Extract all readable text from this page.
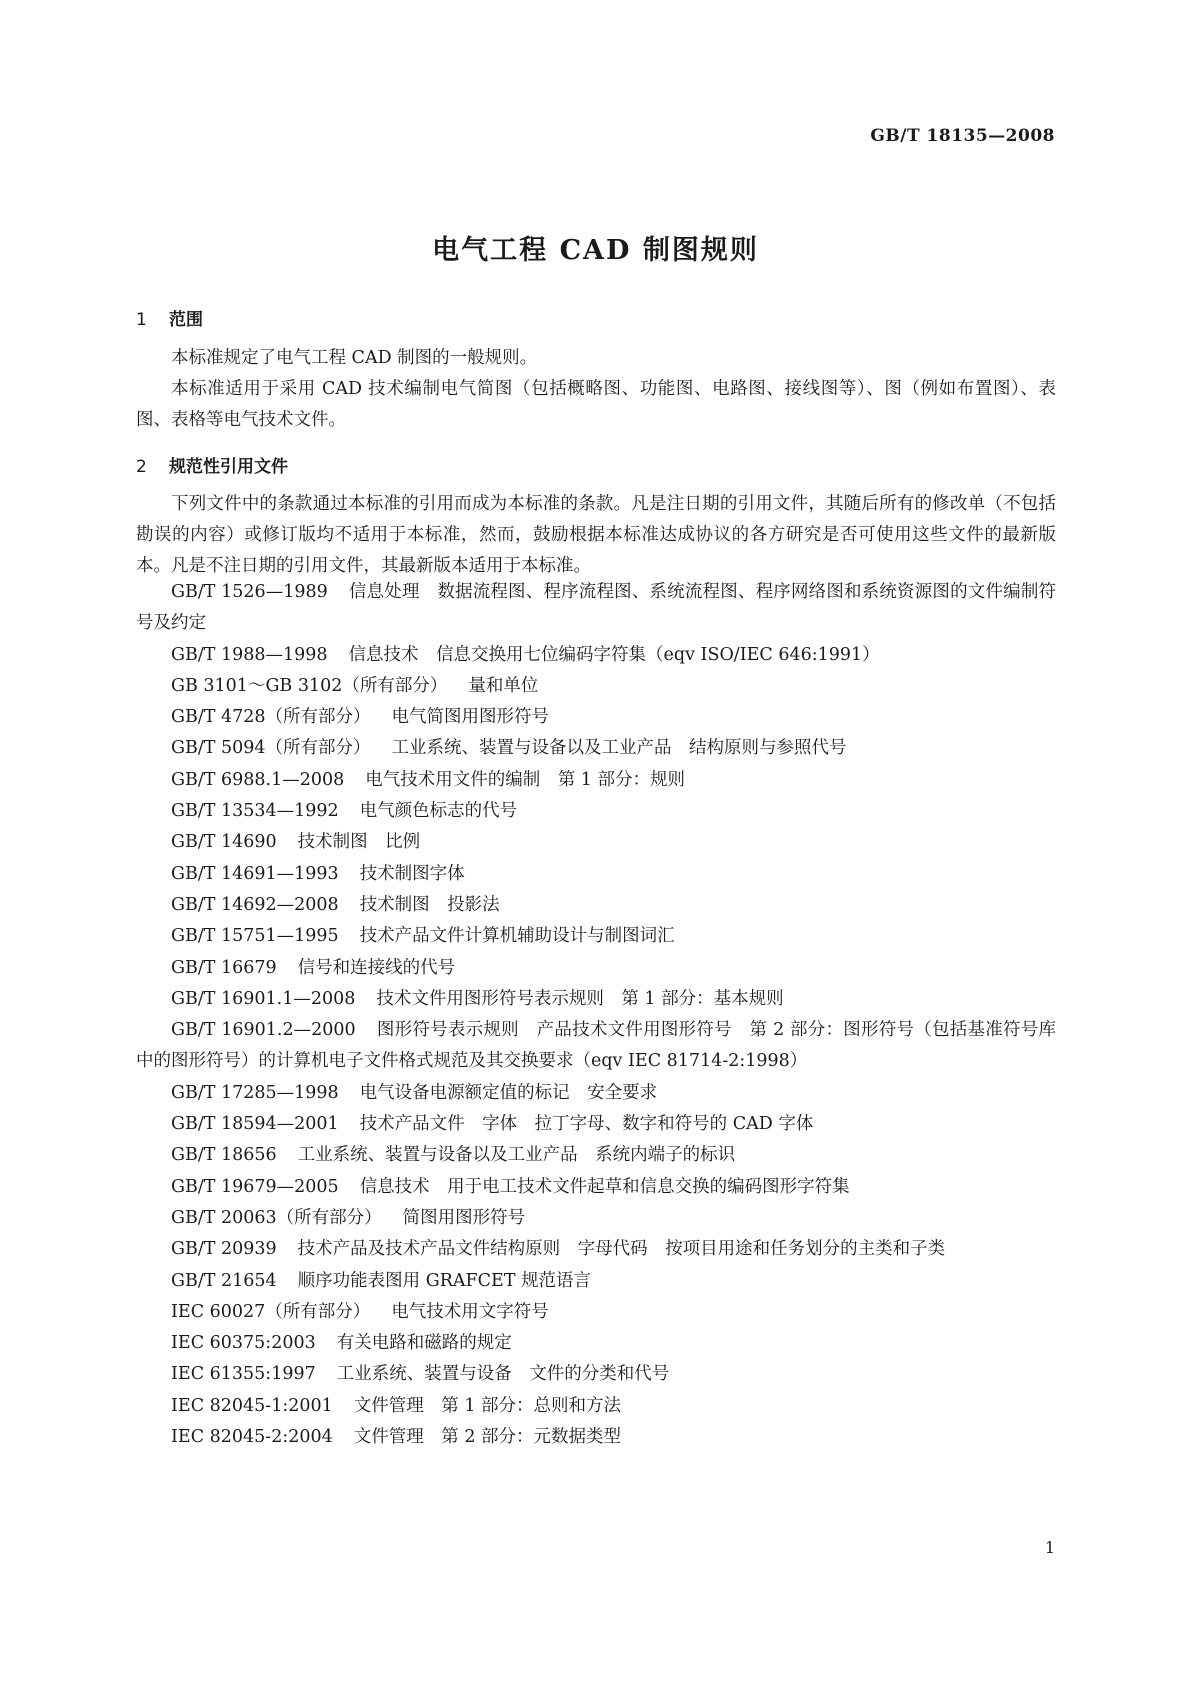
GB/T 18135—2008
电气工程 CAD 制图规则
1 范围

本标准规定了电气工程 CAD 制图的一般规则。

本标准适用于采用 CAD 技术编制电气简图（包括概略图、功能图、电路图、接线图等）、图（例如布置图）、表图、表格等电气技术文件。

2 规范性引用文件

下列文件中的条款通过本标准的引用而成为本标准的条款。凡是注日期的引用文件，其随后所有的修改单（不包括勘误的内容）或修订版均不适用于本标准，然而，鼓励根据本标准达成协议的各方研究是否可使用这些文件的最新版本。凡是不注日期的引用文件，其最新版本适用于本标准。

GB/T 1526—1989 信息处理　数据流程图、程序流程图、系统流程图、程序网络图和系统资源图的文件编制符号及约定

GB/T 1988—1998 信息技术　信息交换用七位编码字符集（eqv ISO/IEC 646:1991）

GB 3101～GB 3102（所有部分） 量和单位

GB/T 4728（所有部分） 电气简图用图形符号

GB/T 5094（所有部分） 工业系统、装置与设备以及工业产品　结构原则与参照代号

GB/T 6988.1—2008 电气技术用文件的编制　第 1 部分：规则

GB/T 13534—1992 电气颜色标志的代号

GB/T 14690 技术制图　比例

GB/T 14691—1993 技术制图字体

GB/T 14692—2008 技术制图　投影法

GB/T 15751—1995 技术产品文件计算机辅助设计与制图词汇

GB/T 16679 信号和连接线的代号

GB/T 16901.1—2008 技术文件用图形符号表示规则　第 1 部分：基本规则

GB/T 16901.2—2000 图形符号表示规则　产品技术文件用图形符号　第 2 部分：图形符号（包括基准符号库中的图形符号）的计算机电子文件格式规范及其交换要求（eqv IEC 81714-2:1998）

GB/T 17285—1998 电气设备电源额定值的标记　安全要求

GB/T 18594—2001 技术产品文件　字体　拉丁字母、数字和符号的 CAD 字体

GB/T 18656 工业系统、装置与设备以及工业产品　系统内端子的标识

GB/T 19679—2005 信息技术　用于电工技术文件起草和信息交换的编码图形字符集

GB/T 20063（所有部分） 简图用图形符号

GB/T 20939 技术产品及技术产品文件结构原则　字母代码　按项目用途和任务划分的主类和子类

GB/T 21654 顺序功能表图用 GRAFCET 规范语言

IEC 60027（所有部分） 电气技术用文字符号

IEC 60375:2003 有关电路和磁路的规定

IEC 61355:1997 工业系统、装置与设备　文件的分类和代号

IEC 82045-1:2001 文件管理　第 1 部分：总则和方法

IEC 82045-2:2004 文件管理　第 2 部分：元数据类型

1
